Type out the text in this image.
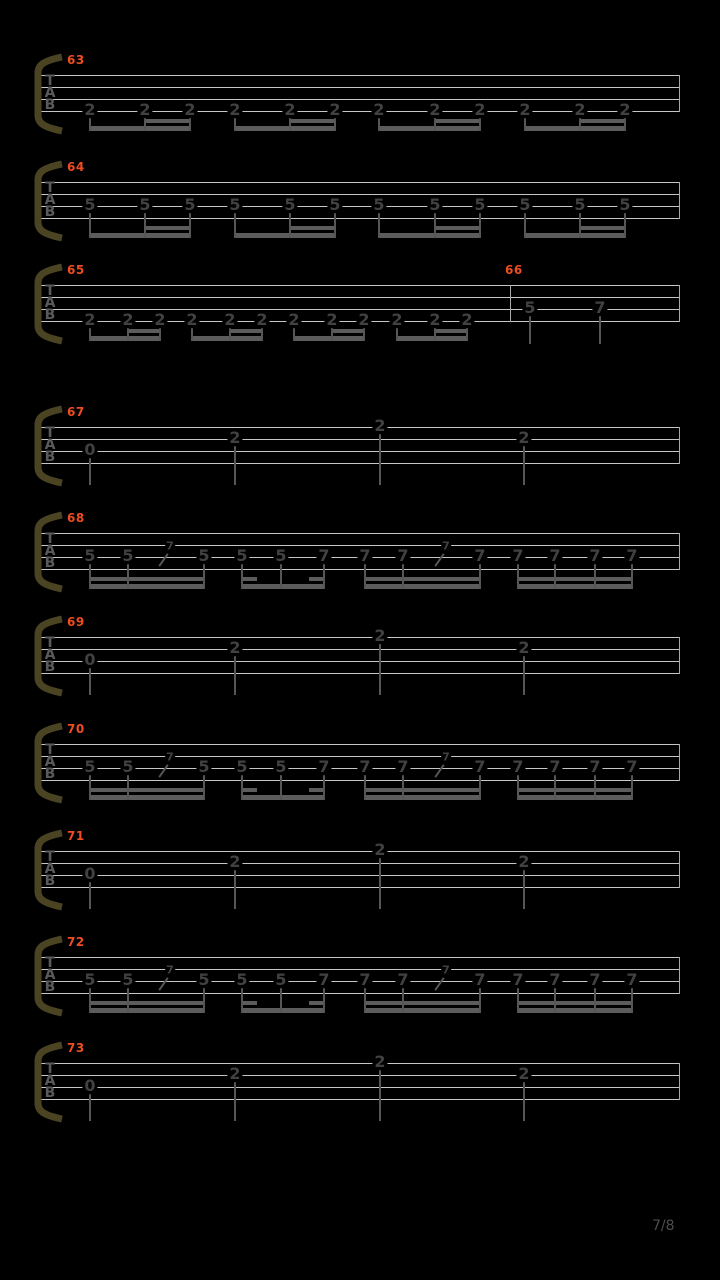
7/8
T
A
B
63
2	2 2 2	2 2 2	2 2 2	2 2
T
A
B
64
5	5 5 5	5 5 5	5 5 5	5 5
T
A
B
65	66
2 2 2 2 2 2 2 2 2 2 2 2
5	7
T
A
B
67
0
2
2
2
T
A
B
68
5 5	5 5 5 7 7 7	7 7 7 7 7
7	7
T
A
B
69
0
2
2
2
T
A
B
70
5 5	5 5 5 7 7 7	7 7 7 7 7
7	7
T
A
B
71
0
2
2
2
T
A
B
72
5 5	5 5 5 7 7 7	7 7 7 7 7
7	7
T
A
B
73
0
2
2
2
